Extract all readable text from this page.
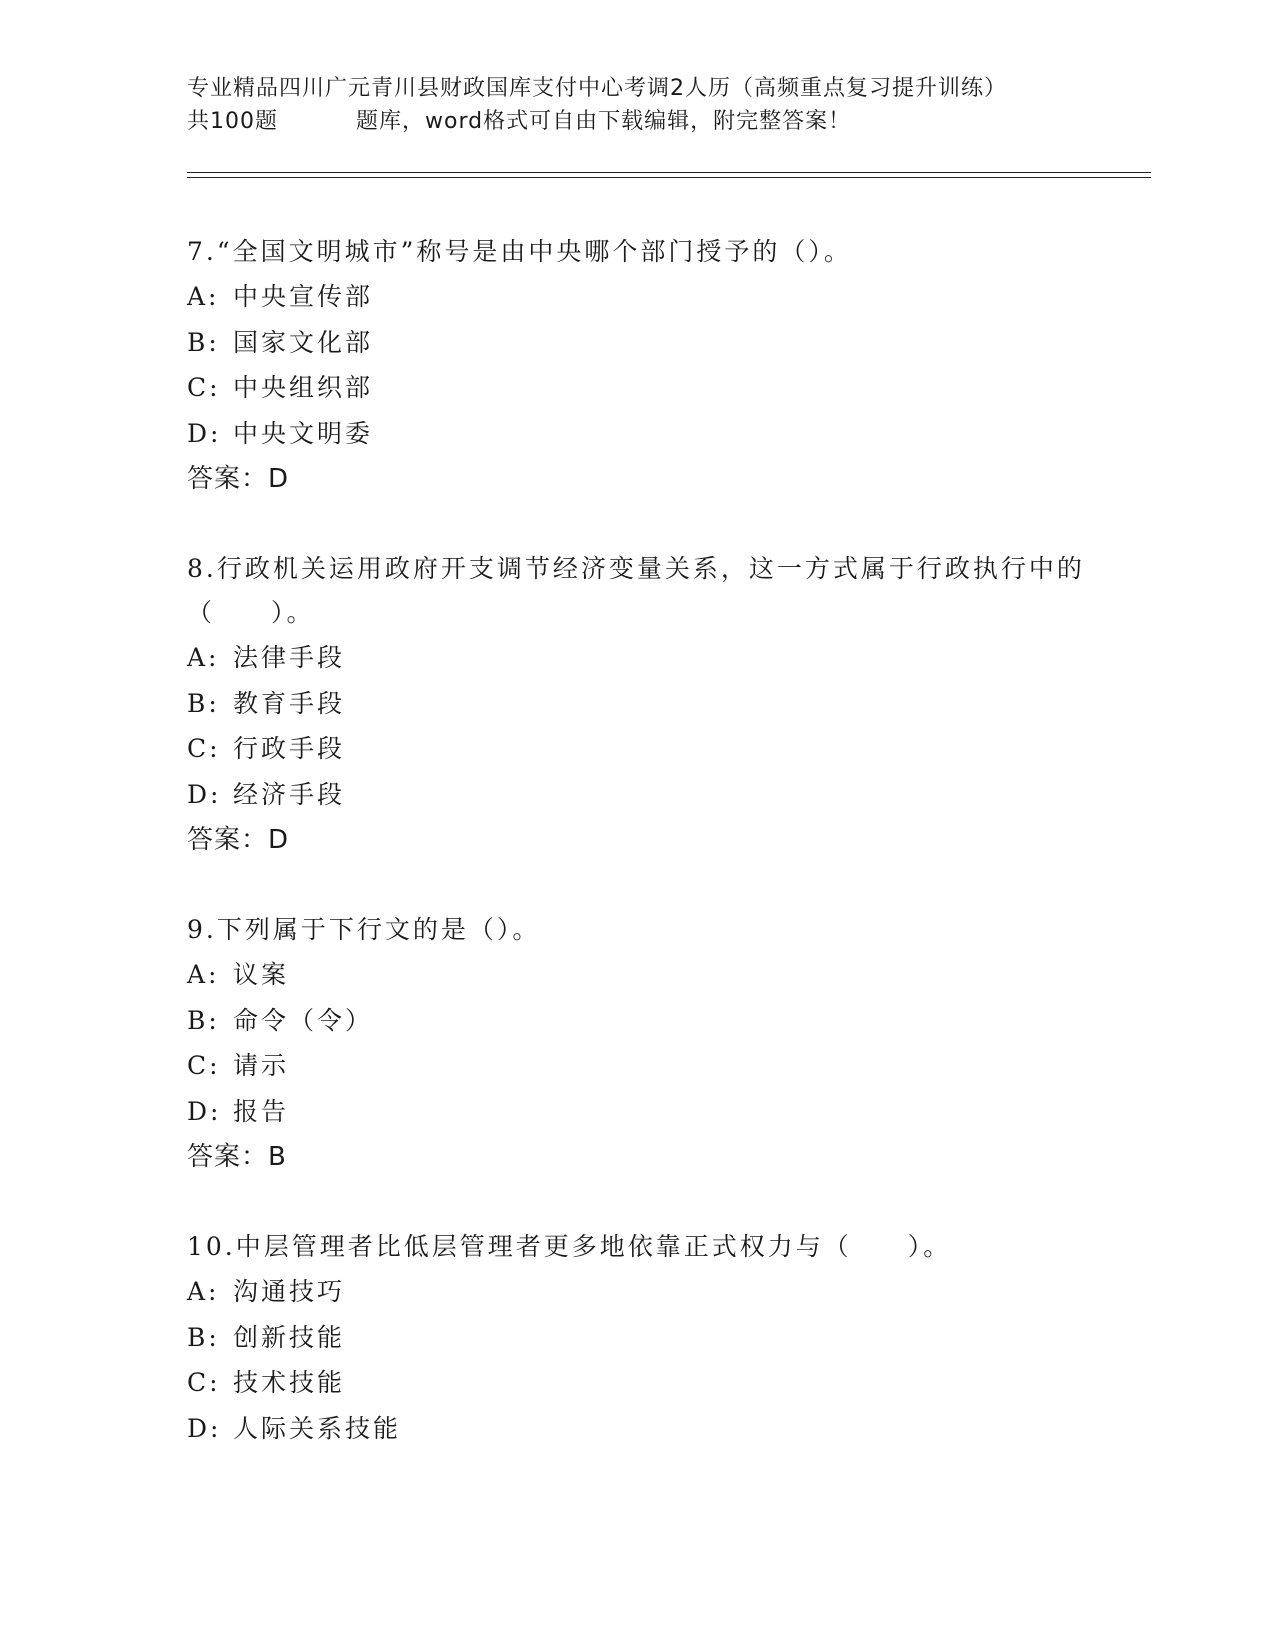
专业精品四川广元青川县财政国库支付中心考调2人历（高频重点复习提升训练）
共100题	题库，word格式可自由下载编辑，附完整答案！

7.“全国文明城市”称号是由中央哪个部门授予的（）。

A: 中央宣传部

B: 国家文化部

C: 中央组织部

D: 中央文明委

答案：D

8.行政机关运用政府开支调节经济变量关系，这一方式属于行政执行中的（　　）。

A: 法律手段

B: 教育手段

C: 行政手段

D: 经济手段

答案：D

9.下列属于下行文的是（）。

A: 议案

B: 命令（令）

C: 请示

D: 报告

答案：B

10.中层管理者比低层管理者更多地依靠正式权力与（　　）。

A: 沟通技巧

B: 创新技能

C: 技术技能

D: 人际关系技能
